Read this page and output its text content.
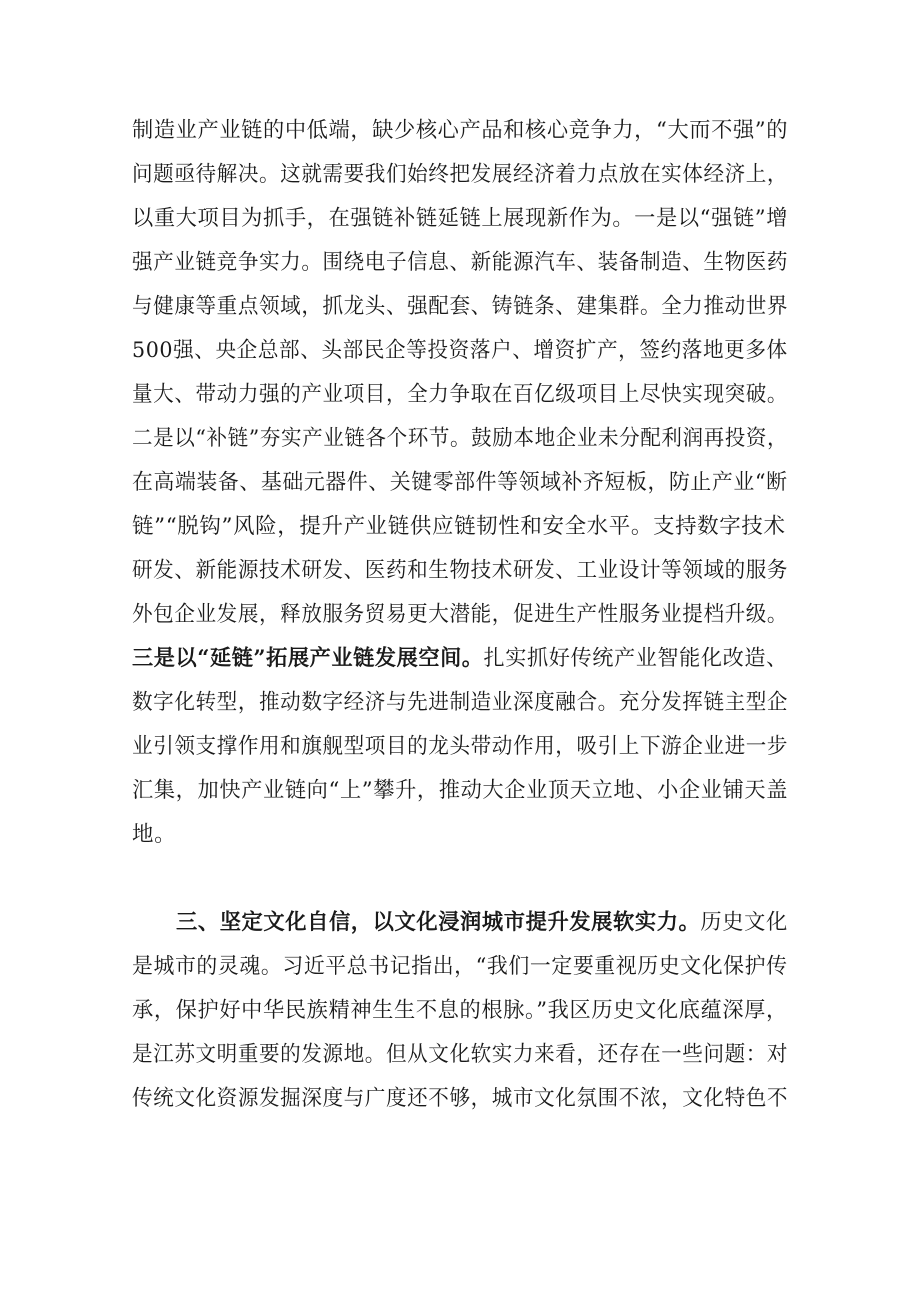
制造业产业链的中低端，缺少核心产品和核心竞争力，“大而不强”的
问题亟待解决。这就需要我们始终把发展经济着力点放在实体经济上，
以重大项目为抓手，在强链补链延链上展现新作为。一是以“强链”增
强产业链竞争实力。围绕电子信息、新能源汽车、装备制造、生物医药
与健康等重点领域，抓龙头、强配套、铸链条、建集群。全力推动世界
500强、央企总部、头部民企等投资落户、增资扩产，签约落地更多体
量大、带动力强的产业项目，全力争取在百亿级项目上尽快实现突破。
二是以“补链”夯实产业链各个环节。鼓励本地企业未分配利润再投资，
在高端装备、基础元器件、关键零部件等领域补齐短板，防止产业“断
链”“脱钩”风险，提升产业链供应链韧性和安全水平。支持数字技术
研发、新能源技术研发、医药和生物技术研发、工业设计等领域的服务
外包企业发展，释放服务贸易更大潜能，促进生产性服务业提档升级。
三是以“延链”拓展产业链发展空间。扎实抓好传统产业智能化改造、
数字化转型，推动数字经济与先进制造业深度融合。充分发挥链主型企
业引领支撑作用和旗舰型项目的龙头带动作用，吸引上下游企业进一步
汇集，加快产业链向“上”攀升，推动大企业顶天立地、小企业铺天盖
地。
三、坚定文化自信，以文化浸润城市提升发展软实力。历史文化
是城市的灵魂。习近平总书记指出，“我们一定要重视历史文化保护传
承，保护好中华民族精神生生不息的根脉。”我区历史文化底蕴深厚，
是江苏文明重要的发源地。但从文化软实力来看，还存在一些问题：对
传统文化资源发掘深度与广度还不够，城市文化氛围不浓，文化特色不
